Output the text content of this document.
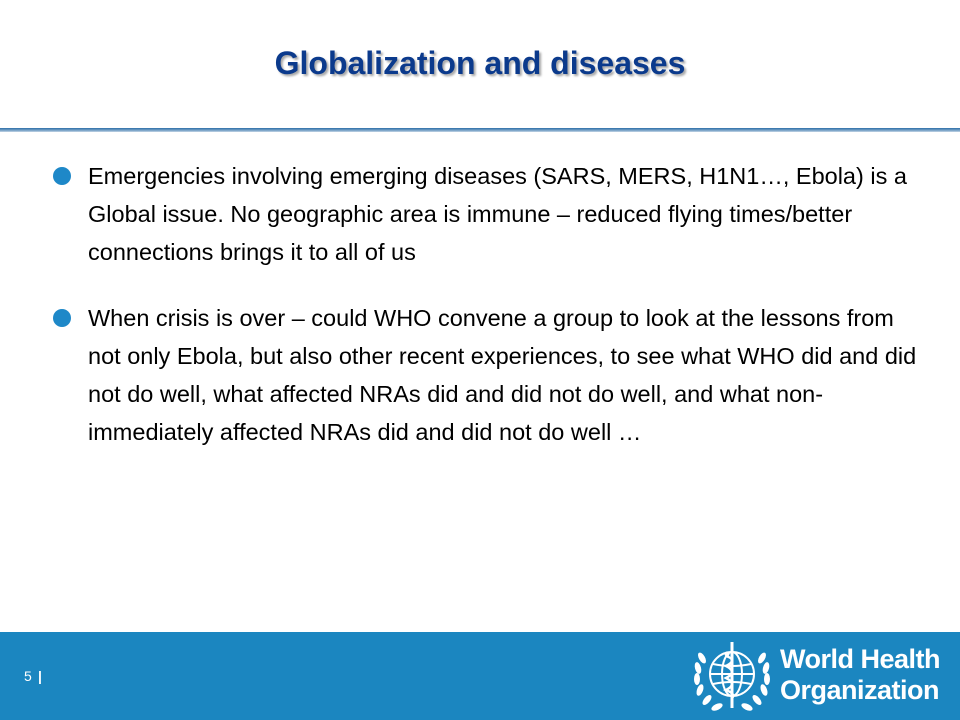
Globalization and diseases
Emergencies involving emerging diseases (SARS, MERS, H1N1…, Ebola) is a Global issue. No geographic area is immune – reduced flying times/better connections brings it to all of us
When crisis is over – could WHO convene a group to look at the lessons from not only Ebola, but also other recent experiences, to see what WHO did and did not do well, what affected NRAs did and did not do well, and what non-immediately affected NRAs did and did not do well …
5 |
World Health
Organization
